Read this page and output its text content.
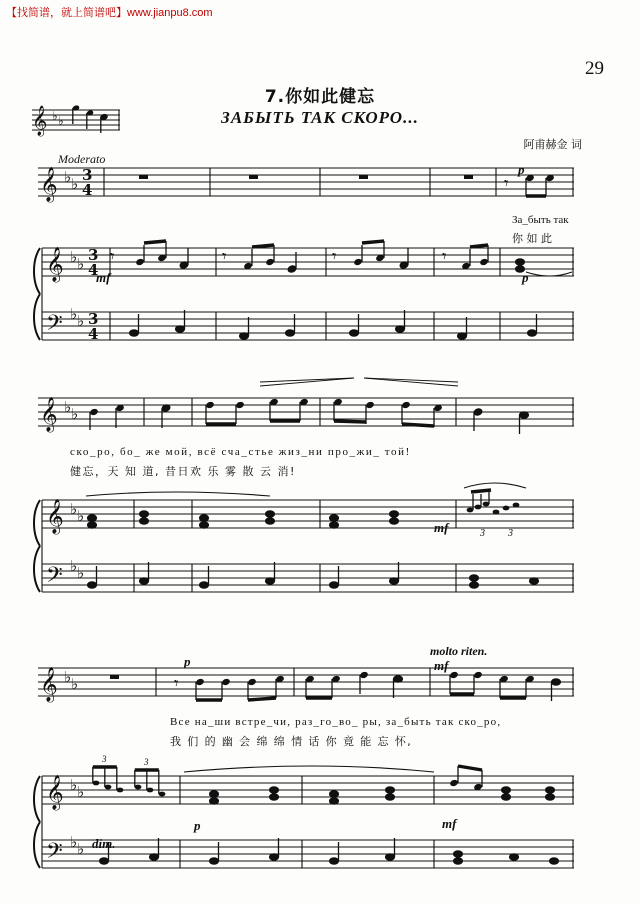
【找简谱，就上简谱吧】www.jianpu8.com
29
7.你如此健忘
ЗАБЫТЬ ТАК СКОРО...
阿甫赫金 词
𝄞 ♭ ♭
Moderato
p
mf	p
За_быть так
你 如 此
𝄞 ♭ ♭ 3
4	𝄾
𝄞 ♭ ♭ 3
4
𝄾	𝄾	𝄾	𝄾
𝄢 ♭ ♭ 3
4
mf
ско_ро, бо_ же мой, всё сча_стье жиз_ни про_жи_ той!
健忘，天 知 道, 昔日欢 乐 雾 散 云 消!
𝄞 ♭ ♭
𝄞 ♭ ♭
3 3
𝄢 ♭ ♭
p
molto riten.
mf
dim.
p	mf
Все на_ши встре_чи, раз_го_во_ ры, за_быть так ско_ро,
我 们 的 幽 会 绵 绵 情 话 你 竟 能 忘 怀,
𝄞 ♭ ♭	𝄾
𝄞 ♭ ♭
3	3
𝄢 ♭ ♭
